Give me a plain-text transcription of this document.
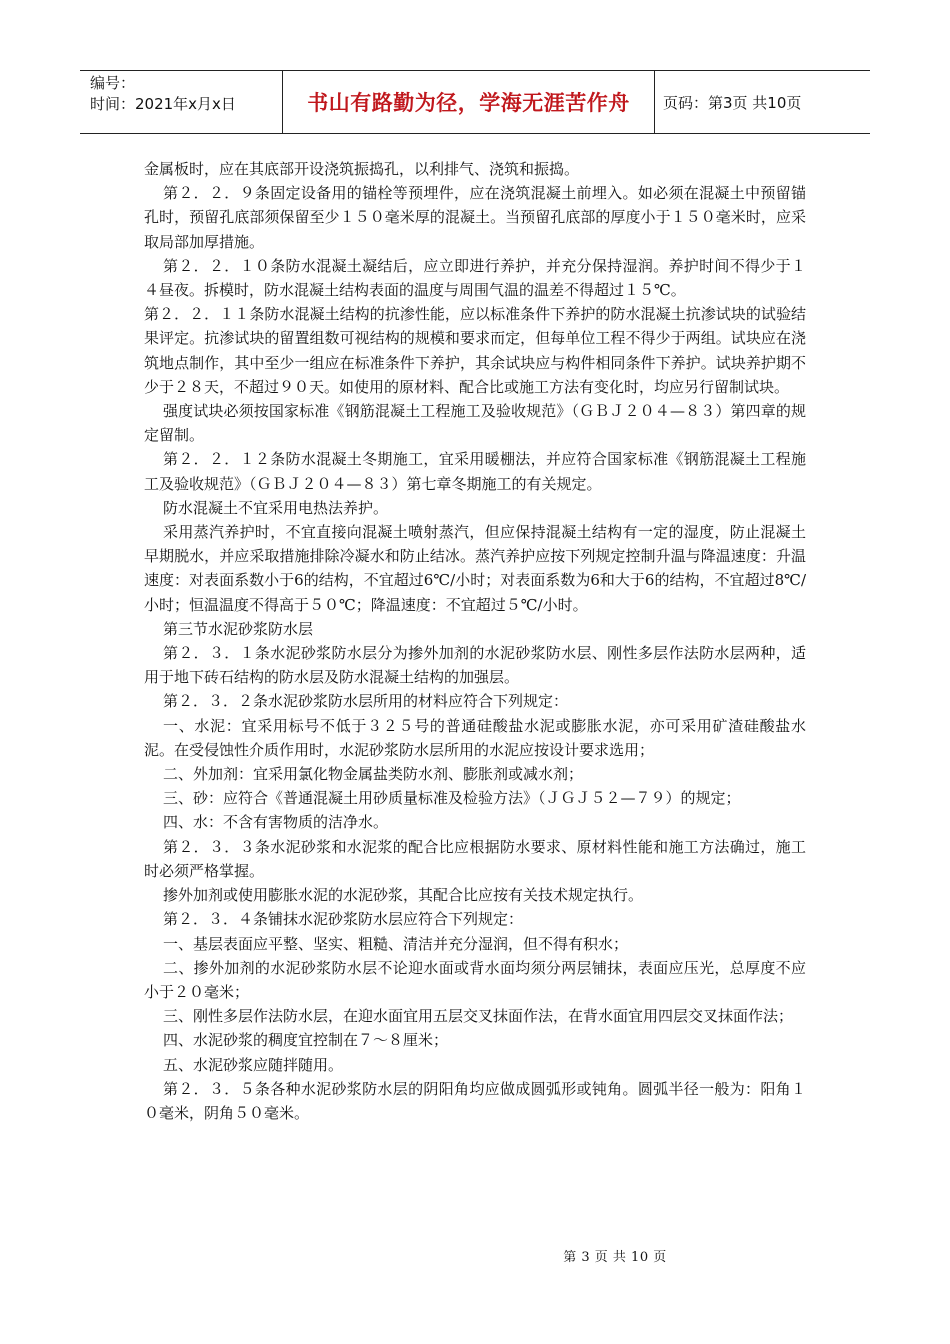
编号：
时间：2021年x月x日	书山有路勤为径，学海无涯苦作舟 页码：第3页 共10页

金属板时，应在其底部开设浇筑振捣孔，以利排气、浇筑和振捣。

第２．２．９条固定设备用的锚栓等预埋件，应在浇筑混凝土前埋入。如必须在混凝土中预留锚孔时，预留孔底部须保留至少１５０毫米厚的混凝土。当预留孔底部的厚度小于１５０毫米时，应采取局部加厚措施。

第２．２．１０条防水混凝土凝结后，应立即进行养护，并充分保持湿润。养护时间不得少于１４昼夜。拆模时，防水混凝土结构表面的温度与周围气温的温差不得超过１５℃。

第２．２．１１条防水混凝土结构的抗渗性能，应以标准条件下养护的防水混凝土抗渗试块的试验结果评定。抗渗试块的留置组数可视结构的规模和要求而定，但每单位工程不得少于两组。试块应在浇筑地点制作，其中至少一组应在标准条件下养护，其余试块应与构件相同条件下养护。试块养护期不少于２８天，不超过９０天。如使用的原材料、配合比或施工方法有变化时，均应另行留制试块。

强度试块必须按国家标准《钢筋混凝土工程施工及验收规范》（ＧＢＪ２０４—８３）第四章的规定留制。

第２．２．１２条防水混凝土冬期施工，宜采用暖棚法，并应符合国家标准《钢筋混凝土工程施工及验收规范》（ＧＢＪ２０４—８３）第七章冬期施工的有关规定。

防水混凝土不宜采用电热法养护。

采用蒸汽养护时，不宜直接向混凝土喷射蒸汽，但应保持混凝土结构有一定的湿度，防止混凝土早期脱水，并应采取措施排除冷凝水和防止结冰。蒸汽养护应按下列规定控制升温与降温速度：升温速度：对表面系数小于6的结构，不宜超过6℃/小时；对表面系数为6和大于6的结构，不宜超过8℃/小时；恒温温度不得高于５０℃；降温速度：不宜超过５℃/小时。

第三节水泥砂浆防水层

第２．３．１条水泥砂浆防水层分为掺外加剂的水泥砂浆防水层、刚性多层作法防水层两种，适用于地下砖石结构的防水层及防水混凝土结构的加强层。

第２．３．２条水泥砂浆防水层所用的材料应符合下列规定：

一、水泥：宜采用标号不低于３２５号的普通硅酸盐水泥或膨胀水泥，亦可采用矿渣硅酸盐水泥。在受侵蚀性介质作用时，水泥砂浆防水层所用的水泥应按设计要求选用；

二、外加剂：宜采用氯化物金属盐类防水剂、膨胀剂或减水剂；

三、砂：应符合《普通混凝土用砂质量标准及检验方法》（ＪＧＪ５２—７９）的规定；

四、水：不含有害物质的洁净水。

第２．３．３条水泥砂浆和水泥浆的配合比应根据防水要求、原材料性能和施工方法确过，施工时必须严格掌握。

掺外加剂或使用膨胀水泥的水泥砂浆，其配合比应按有关技术规定执行。

第２．３．４条铺抹水泥砂浆防水层应符合下列规定：

一、基层表面应平整、坚实、粗糙、清洁并充分湿润，但不得有积水；

二、掺外加剂的水泥砂浆防水层不论迎水面或背水面均须分两层铺抹，表面应压光，总厚度不应小于２０毫米；

三、刚性多层作法防水层，在迎水面宜用五层交叉抹面作法，在背水面宜用四层交叉抹面作法；

四、水泥砂浆的稠度宜控制在７～８厘米；

五、水泥砂浆应随拌随用。

第２．３．５条各种水泥砂浆防水层的阴阳角均应做成圆弧形或钝角。圆弧半径一般为：阳角１０毫米，阴角５０毫米。

第 3 页 共 10 页
